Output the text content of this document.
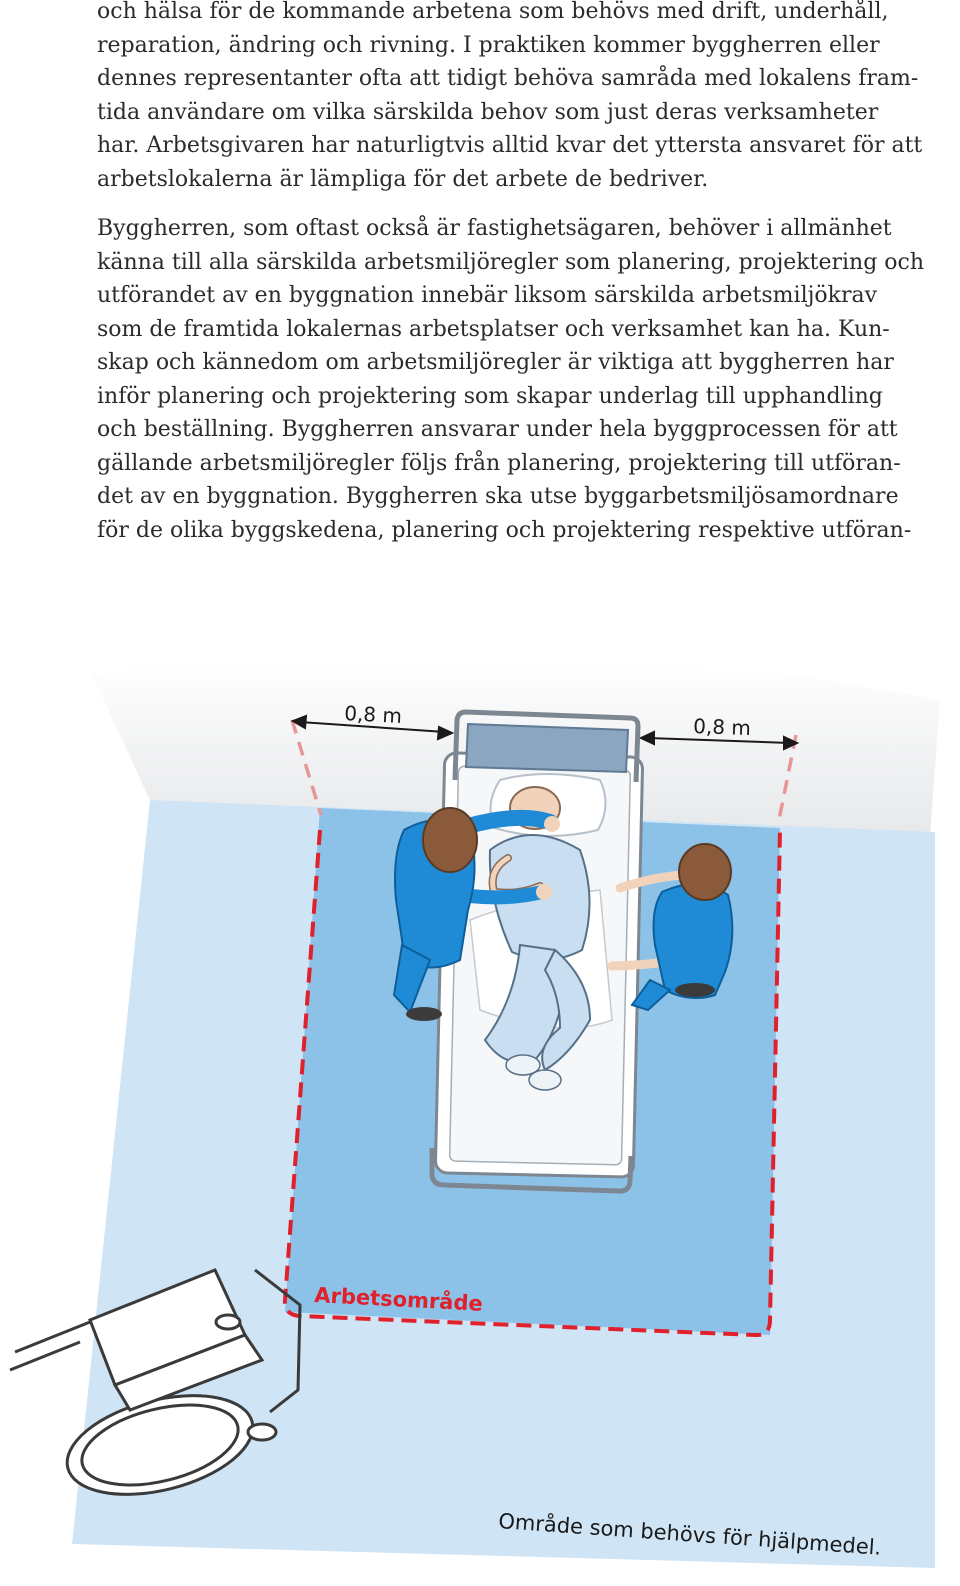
och hälsa för de kommande arbetena som behövs med drift, underhåll,
reparation, ändring och rivning. I praktiken kommer byggherren eller
dennes representanter ofta att tidigt behöva samråda med lokalens fram-
tida användare om vilka särskilda behov som just deras verksamheter
har. Arbetsgivaren har naturligtvis alltid kvar det yttersta ansvaret för att
arbetslokalerna är lämpliga för det arbete de bedriver.
Byggherren, som oftast också är fastighetsägaren, behöver i allmänhet
känna till alla särskilda arbetsmiljöregler som planering, projektering och
utförandet av en byggnation innebär liksom särskilda arbetsmiljökrav
som de framtida lokalernas arbetsplatser och verksamhet kan ha. Kun-
skap och kännedom om arbetsmiljöregler är viktiga att byggherren har
inför planering och projektering som skapar underlag till upphandling
och beställning. Byggherren ansvarar under hela byggprocessen för att
gällande arbetsmiljöregler följs från planering, projektering till utföran-
det av en byggnation. Byggherren ska utse byggarbetsmiljösamordnare
för de olika byggskedena, planering och projektering respektive utföran-
0,8 m	0,8 m
Arbetsområde
Område som behövs för hjälpmedel.
